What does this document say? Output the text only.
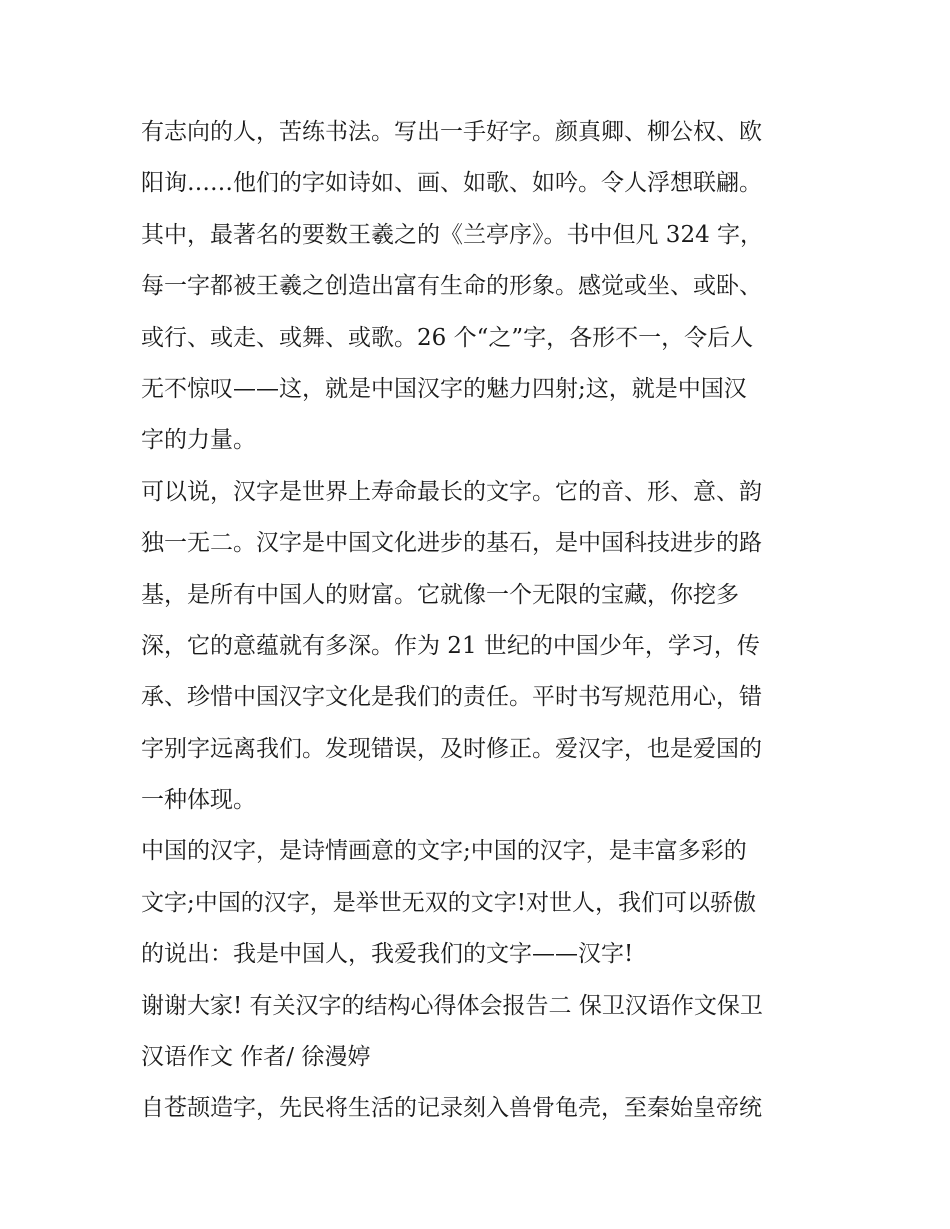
有志向的人，苦练书法。写出一手好字。颜真卿、柳公权、欧
阳询……他们的字如诗如、画、如歌、如吟。令人浮想联翩。
其中，最著名的要数王羲之的《兰亭序》。书中但凡 324 字，
每一字都被王羲之创造出富有生命的形象。感觉或坐、或卧、
或行、或走、或舞、或歌。26 个“之”字，各形不一，令后人
无不惊叹——这，就是中国汉字的魅力四射;这，就是中国汉
字的力量。
可以说，汉字是世界上寿命最长的文字。它的音、形、意、韵
独一无二。汉字是中国文化进步的基石，是中国科技进步的路
基，是所有中国人的财富。它就像一个无限的宝藏，你挖多
深，它的意蕴就有多深。作为 21 世纪的中国少年，学习，传
承、珍惜中国汉字文化是我们的责任。平时书写规范用心，错
字别字远离我们。发现错误，及时修正。爱汉字，也是爱国的
一种体现。
中国的汉字，是诗情画意的文字;中国的汉字，是丰富多彩的
文字;中国的汉字，是举世无双的文字!对世人，我们可以骄傲
的说出：我是中国人，我爱我们的文字——汉字!
谢谢大家! 有关汉字的结构心得体会报告二 保卫汉语作文保卫
汉语作文 作者/ 徐漫婷
自苍颉造字，先民将生活的记录刻入兽骨龟壳，至秦始皇帝统
